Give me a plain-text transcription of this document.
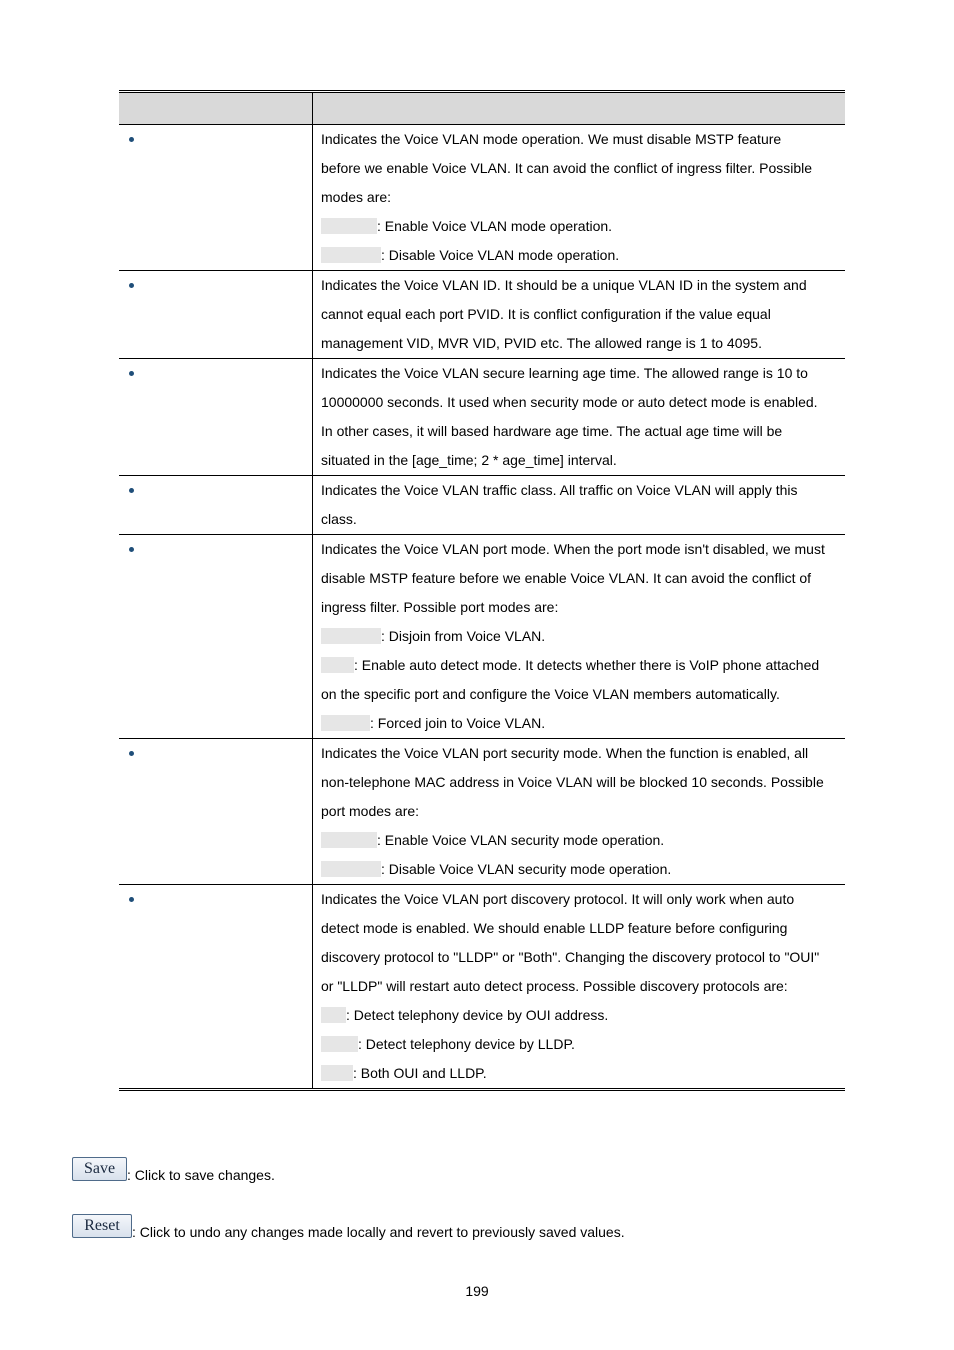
Indicates the Voice VLAN mode operation. We must disable MSTP feature
before we enable Voice VLAN. It can avoid the conflict of ingress filter. Possible
modes are:
: Enable Voice VLAN mode operation.
: Disable Voice VLAN mode operation.
Indicates the Voice VLAN ID. It should be a unique VLAN ID in the system and
cannot equal each port PVID. It is conflict configuration if the value equal
management VID, MVR VID, PVID etc. The allowed range is 1 to 4095.
Indicates the Voice VLAN secure learning age time. The allowed range is 10 to
10000000 seconds. It used when security mode or auto detect mode is enabled.
In other cases, it will based hardware age time. The actual age time will be
situated in the [age_time; 2 * age_time] interval.
Indicates the Voice VLAN traffic class. All traffic on Voice VLAN will apply this
class.
Indicates the Voice VLAN port mode. When the port mode isn't disabled, we must
disable MSTP feature before we enable Voice VLAN. It can avoid the conflict of
ingress filter. Possible port modes are:
: Disjoin from Voice VLAN.
: Enable auto detect mode. It detects whether there is VoIP phone attached
on the specific port and configure the Voice VLAN members automatically.
: Forced join to Voice VLAN.
Indicates the Voice VLAN port security mode. When the function is enabled, all
non-telephone MAC address in Voice VLAN will be blocked 10 seconds. Possible
port modes are:
: Enable Voice VLAN security mode operation.
: Disable Voice VLAN security mode operation.
Indicates the Voice VLAN port discovery protocol. It will only work when auto
detect mode is enabled. We should enable LLDP feature before configuring
discovery protocol to "LLDP" or "Both". Changing the discovery protocol to "OUI"
or "LLDP" will restart auto detect process. Possible discovery protocols are:
: Detect telephony device by OUI address.
: Detect telephony device by LLDP.
: Both OUI and LLDP.
Save : Click to save changes.
Reset : Click to undo any changes made locally and revert to previously saved values.
199
